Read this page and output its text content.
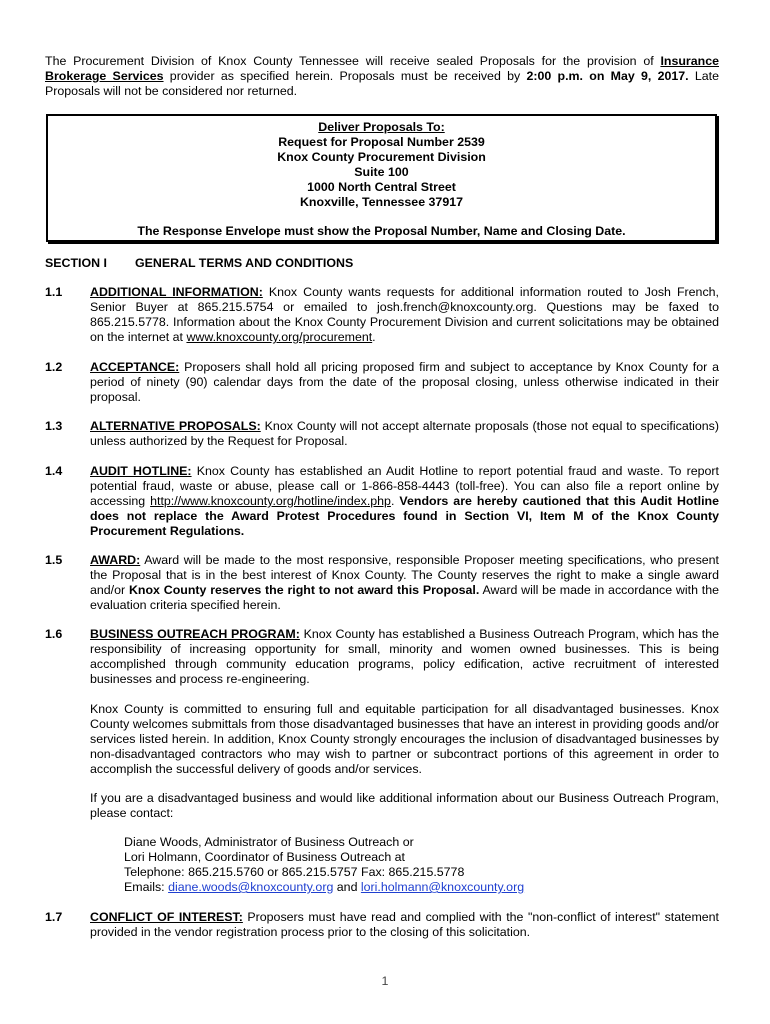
The Procurement Division of Knox County Tennessee will receive sealed Proposals for the provision of Insurance Brokerage Services provider as specified herein. Proposals must be received by 2:00 p.m. on May 9, 2017. Late Proposals will not be considered nor returned.
Deliver Proposals To:
Request for Proposal Number 2539
Knox County Procurement Division
Suite 100
1000 North Central Street
Knoxville, Tennessee 37917
The Response Envelope must show the Proposal Number, Name and Closing Date.
SECTION I GENERAL TERMS AND CONDITIONS
1.1 ADDITIONAL INFORMATION: Knox County wants requests for additional information routed to Josh French, Senior Buyer at 865.215.5754 or emailed to josh.french@knoxcounty.org. Questions may be faxed to 865.215.5778. Information about the Knox County Procurement Division and current solicitations may be obtained on the internet at www.knoxcounty.org/procurement.
1.2 ACCEPTANCE: Proposers shall hold all pricing proposed firm and subject to acceptance by Knox County for a period of ninety (90) calendar days from the date of the proposal closing, unless otherwise indicated in their proposal.
1.3 ALTERNATIVE PROPOSALS: Knox County will not accept alternate proposals (those not equal to specifications) unless authorized by the Request for Proposal.
1.4 AUDIT HOTLINE: Knox County has established an Audit Hotline to report potential fraud and waste. To report potential fraud, waste or abuse, please call or 1-866-858-4443 (toll-free). You can also file a report online by accessing http://www.knoxcounty.org/hotline/index.php. Vendors are hereby cautioned that this Audit Hotline does not replace the Award Protest Procedures found in Section VI, Item M of the Knox County Procurement Regulations.
1.5 AWARD: Award will be made to the most responsive, responsible Proposer meeting specifications, who present the Proposal that is in the best interest of Knox County. The County reserves the right to make a single award and/or Knox County reserves the right to not award this Proposal. Award will be made in accordance with the evaluation criteria specified herein.
1.6 BUSINESS OUTREACH PROGRAM: Knox County has established a Business Outreach Program, which has the responsibility of increasing opportunity for small, minority and women owned businesses. This is being accomplished through community education programs, policy edification, active recruitment of interested businesses and process re-engineering.
Knox County is committed to ensuring full and equitable participation for all disadvantaged businesses. Knox County welcomes submittals from those disadvantaged businesses that have an interest in providing goods and/or services listed herein. In addition, Knox County strongly encourages the inclusion of disadvantaged businesses by non-disadvantaged contractors who may wish to partner or subcontract portions of this agreement in order to accomplish the successful delivery of goods and/or services.
If you are a disadvantaged business and would like additional information about our Business Outreach Program, please contact:
Diane Woods, Administrator of Business Outreach or
Lori Holmann, Coordinator of Business Outreach at
Telephone: 865.215.5760 or 865.215.5757 Fax: 865.215.5778
Emails: diane.woods@knoxcounty.org and lori.holmann@knoxcounty.org
1.7 CONFLICT OF INTEREST: Proposers must have read and complied with the "non-conflict of interest" statement provided in the vendor registration process prior to the closing of this solicitation.
1
